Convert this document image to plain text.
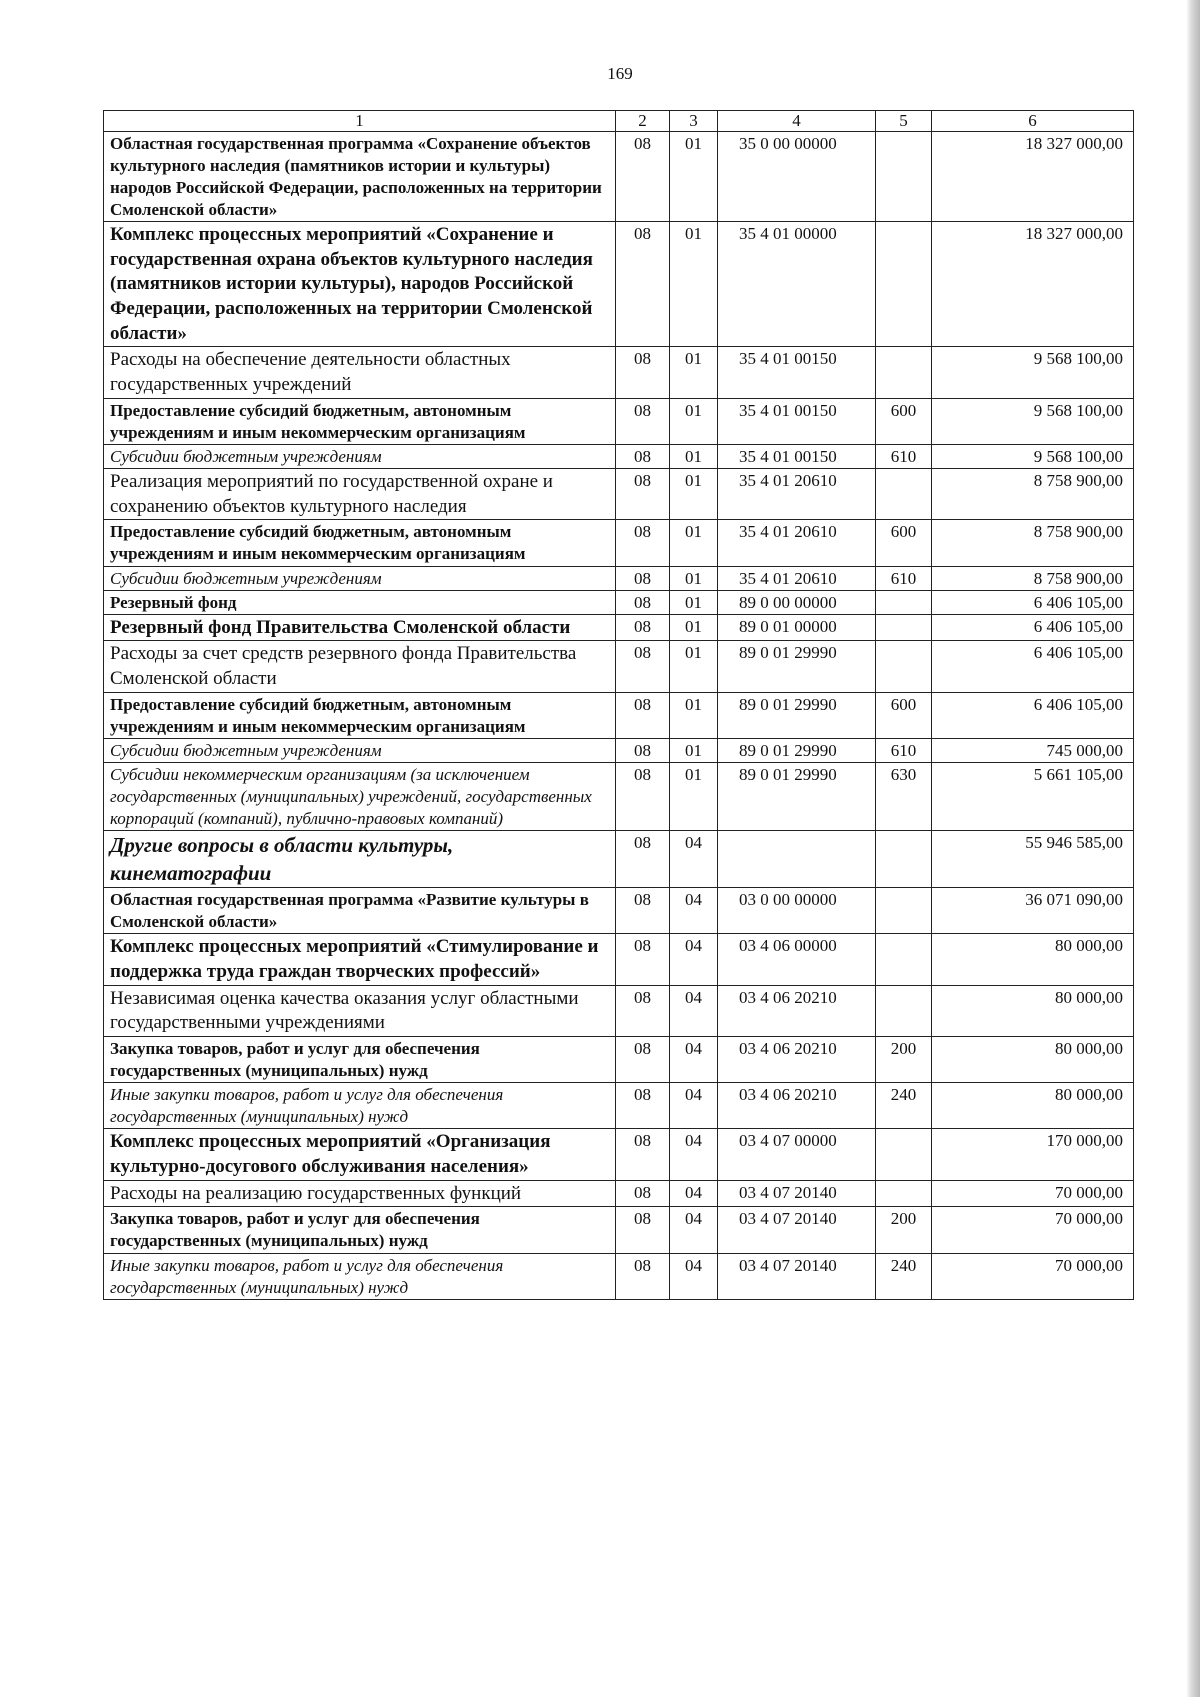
169
1	2	3	4	5	6
Областная государственная программа «Сохранение объектов культурного наследия (памятников истории и культуры) народов Российской Федерации, расположенных на территории Смоленской области»	08	01	35 0 00 00000		18 327 000,00
Комплекс процессных мероприятий «Сохранение и государственная охрана объектов культурного наследия (памятников истории культуры), народов Российской Федерации, расположенных на территории Смоленской области»	08	01	35 4 01 00000		18 327 000,00
Расходы на обеспечение деятельности областных государственных учреждений	08	01	35 4 01 00150		9 568 100,00
Предоставление субсидий бюджетным, автономным учреждениям и иным некоммерческим организациям	08	01	35 4 01 00150	600	9 568 100,00
Субсидии бюджетным учреждениям	08	01	35 4 01 00150	610	9 568 100,00
Реализация мероприятий по государственной охране и сохранению объектов культурного наследия	08	01	35 4 01 20610		8 758 900,00
Предоставление субсидий бюджетным, автономным учреждениям и иным некоммерческим организациям	08	01	35 4 01 20610	600	8 758 900,00
Субсидии бюджетным учреждениям	08	01	35 4 01 20610	610	8 758 900,00
Резервный фонд	08	01	89 0 00 00000		6 406 105,00
Резервный фонд Правительства Смоленской области	08	01	89 0 01 00000		6 406 105,00
Расходы за счет средств резервного фонда Правительства Смоленской области	08	01	89 0 01 29990		6 406 105,00
Предоставление субсидий бюджетным, автономным учреждениям и иным некоммерческим организациям	08	01	89 0 01 29990	600	6 406 105,00
Субсидии бюджетным учреждениям	08	01	89 0 01 29990	610	745 000,00
Субсидии некоммерческим организациям (за исключением государственных (муниципальных) учреждений, государственных корпораций (компаний), публично-правовых компаний)	08	01	89 0 01 29990	630	5 661 105,00
Другие вопросы в области культуры, кинематографии	08	04			55 946 585,00
Областная государственная программа «Развитие культуры в Смоленской области»	08	04	03 0 00 00000		36 071 090,00
Комплекс процессных мероприятий «Стимулирование и поддержка труда граждан творческих профессий»	08	04	03 4 06 00000		80 000,00
Независимая оценка качества оказания услуг областными государственными учреждениями	08	04	03 4 06 20210		80 000,00
Закупка товаров, работ и услуг для обеспечения государственных (муниципальных) нужд	08	04	03 4 06 20210	200	80 000,00
Иные закупки товаров, работ и услуг для обеспечения государственных (муниципальных) нужд	08	04	03 4 06 20210	240	80 000,00
Комплекс процессных мероприятий «Организация культурно-досугового обслуживания населения»	08	04	03 4 07 00000		170 000,00
Расходы на реализацию государственных функций	08	04	03 4 07 20140		70 000,00
Закупка товаров, работ и услуг для обеспечения государственных (муниципальных) нужд	08	04	03 4 07 20140	200	70 000,00
Иные закупки товаров, работ и услуг для обеспечения государственных (муниципальных) нужд	08	04	03 4 07 20140	240	70 000,00
